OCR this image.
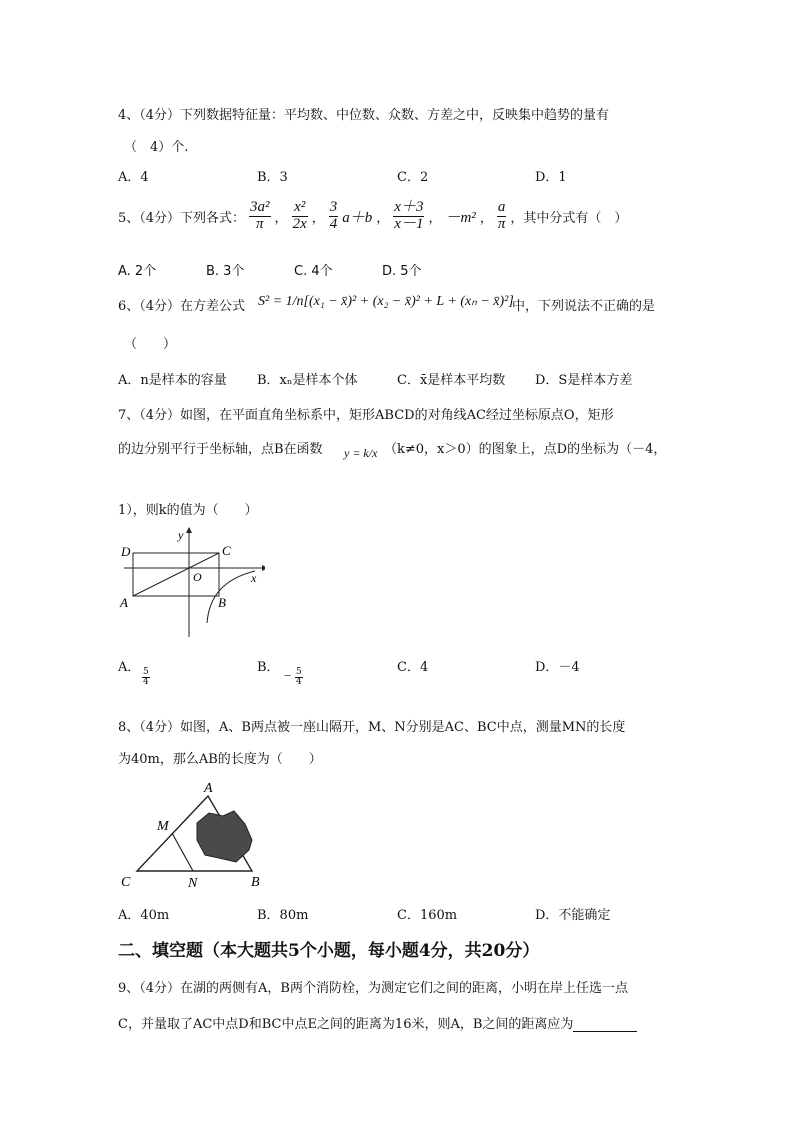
4、（4分）下列数据特征量：平均数、中位数、众数、方差之中，反映集中趋势的量有
（　4）个.
A．4	B．3	C．2	D．1
5、（4分）下列各式： $\frac{\text{3a²}}{\pi}$ ， $\frac{\text{x²}}{2x}$ ， $\frac{3}{4} a+b$ ， $\frac{x+3}{x-1}$ ， －m² ， $\frac{a}{\pi}$ ，其中分式有（　）
A. 2个	B. 3个	C. 4个	D. 5个
6、（4分）在方差公式 S² = 1/n[(x₁ − x̄)² + (x₂ − x̄)² + L + (xₙ − x̄)²]
中，下列说法不正确的是
（　　）
A．n是样本的容量 B．xₙ是样本个体	C．x̄是样本平均数 D．S是样本方差
7、（4分）如图，在平面直角坐标系中，矩形ABCD的对角线AC经过坐标原点O，矩形
的边分别平行于坐标轴，点B在函数 y = k/x （k≠0，x＞0）的图象上，点D的坐标为（－4，
1），则k的值为（　　）
D	C
O	x
y
A	B
A．
$\frac{5}{4}$
B．
− $\frac{5}{4}$
C．4	D．－4
8、（4分）如图，A、B两点被一座山隔开，M、N分别是AC、BC中点，测量MN的长度
为40m，那么AB的长度为（　　）
A
M
C	N	B
A．40m	B．80m	C．160m	D．不能确定
二、填空题（本大题共5个小题，每小题4分，共20分）
9、（4分）在湖的两侧有A，B两个消防栓，为测定它们之间的距离，小明在岸上任选一点
C，并量取了AC中点D和BC中点E之间的距离为16米，则A，B之间的距离应为
